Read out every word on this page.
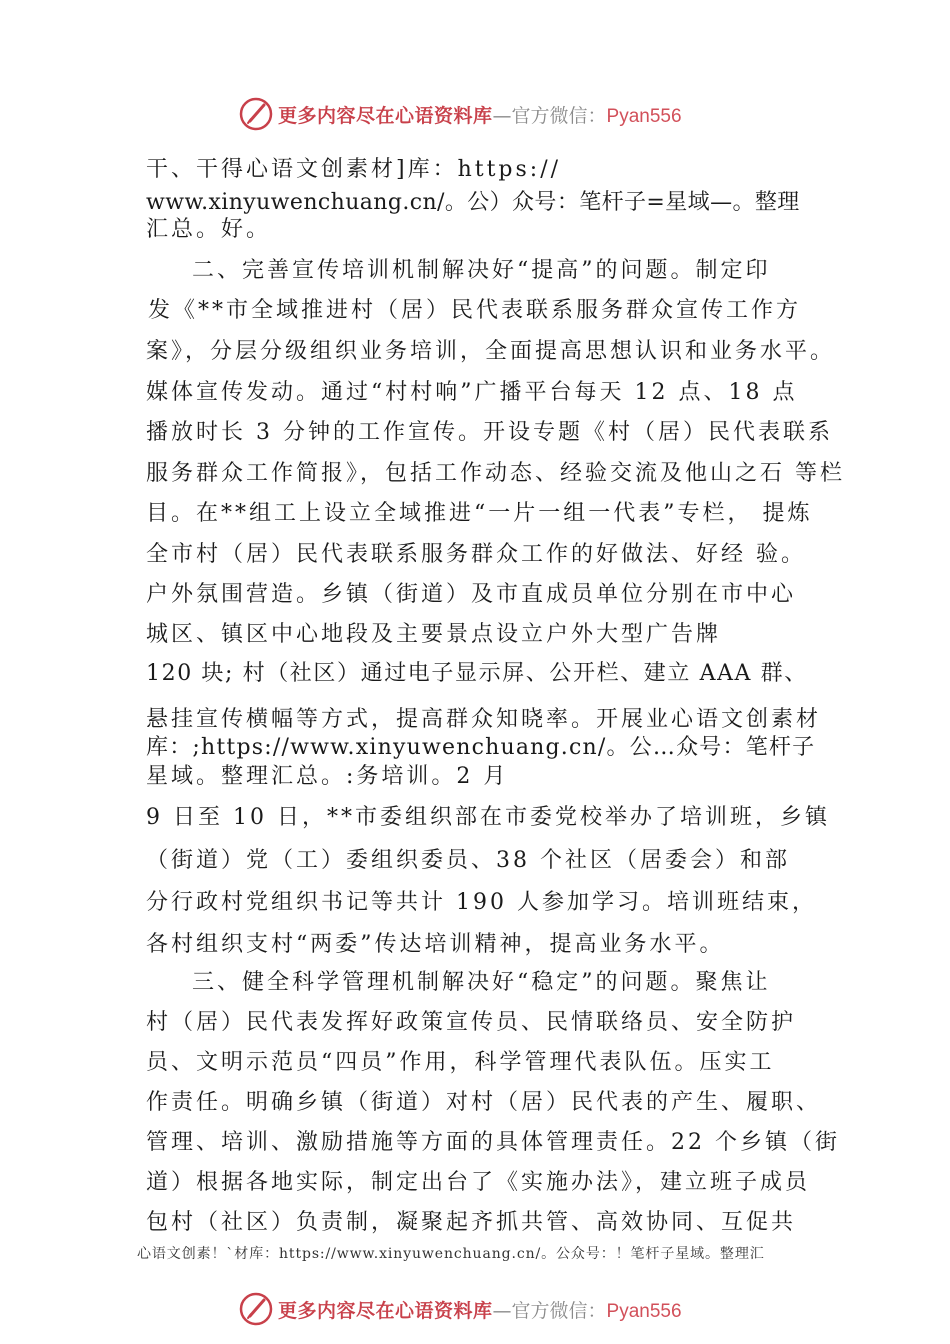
更多内容尽在心语资料库—官方微信：Pyan556
干、干得心语文创素材]库：https://
www.xinyuwenchuang.cn/。公）众号：笔杆子=星域—。整理
汇总。好。
二、完善宣传培训机制解决好“提高”的问题。制定印
发《**市全域推进村（居）民代表联系服务群众宣传工作方
案》，分层分级组织业务培训，全面提高思想认识和业务水平。
媒体宣传发动。通过“村村响”广播平台每天 12 点、18 点
播放时长 3 分钟的工作宣传。开设专题《村（居）民代表联系
服务群众工作简报》，包括工作动态、经验交流及他山之石 等栏
目。在**组工上设立全域推进“一片一组一代表”专栏， 提炼
全市村（居）民代表联系服务群众工作的好做法、好经 验。
户外氛围营造。乡镇（街道）及市直成员单位分别在市中心
城区、镇区中心地段及主要景点设立户外大型广告牌
120 块; 村（社区）通过电子显示屏、公开栏、建立 AAA 群、
悬挂宣传横幅等方式，提高群众知晓率。开展业心语文创素材
库：;https://www.xinyuwenchuang.cn/。公…众号：笔杆子
星域。整理汇总。:务培训。2 月
9 日至 10 日，**市委组织部在市委党校举办了培训班，乡镇
（街道）党（工）委组织委员、38 个社区（居委会）和部
分行政村党组织书记等共计 190 人参加学习。培训班结束，
各村组织支村“两委”传达培训精神，提高业务水平。
三、健全科学管理机制解决好“稳定”的问题。聚焦让
村（居）民代表发挥好政策宣传员、民情联络员、安全防护
员、文明示范员“四员”作用，科学管理代表队伍。压实工
作责任。明确乡镇（街道）对村（居）民代表的产生、履职、
管理、培训、激励措施等方面的具体管理责任。22 个乡镇（街
道）根据各地实际，制定出台了《实施办法》，建立班子成员
包村（社区）负责制，凝聚起齐抓共管、高效协同、互促共
心语文创素！`材库：https://www.xinyuwenchuang.cn/。公众号：！笔杆子星域。整理汇
更多内容尽在心语资料库—官方微信：Pyan556
